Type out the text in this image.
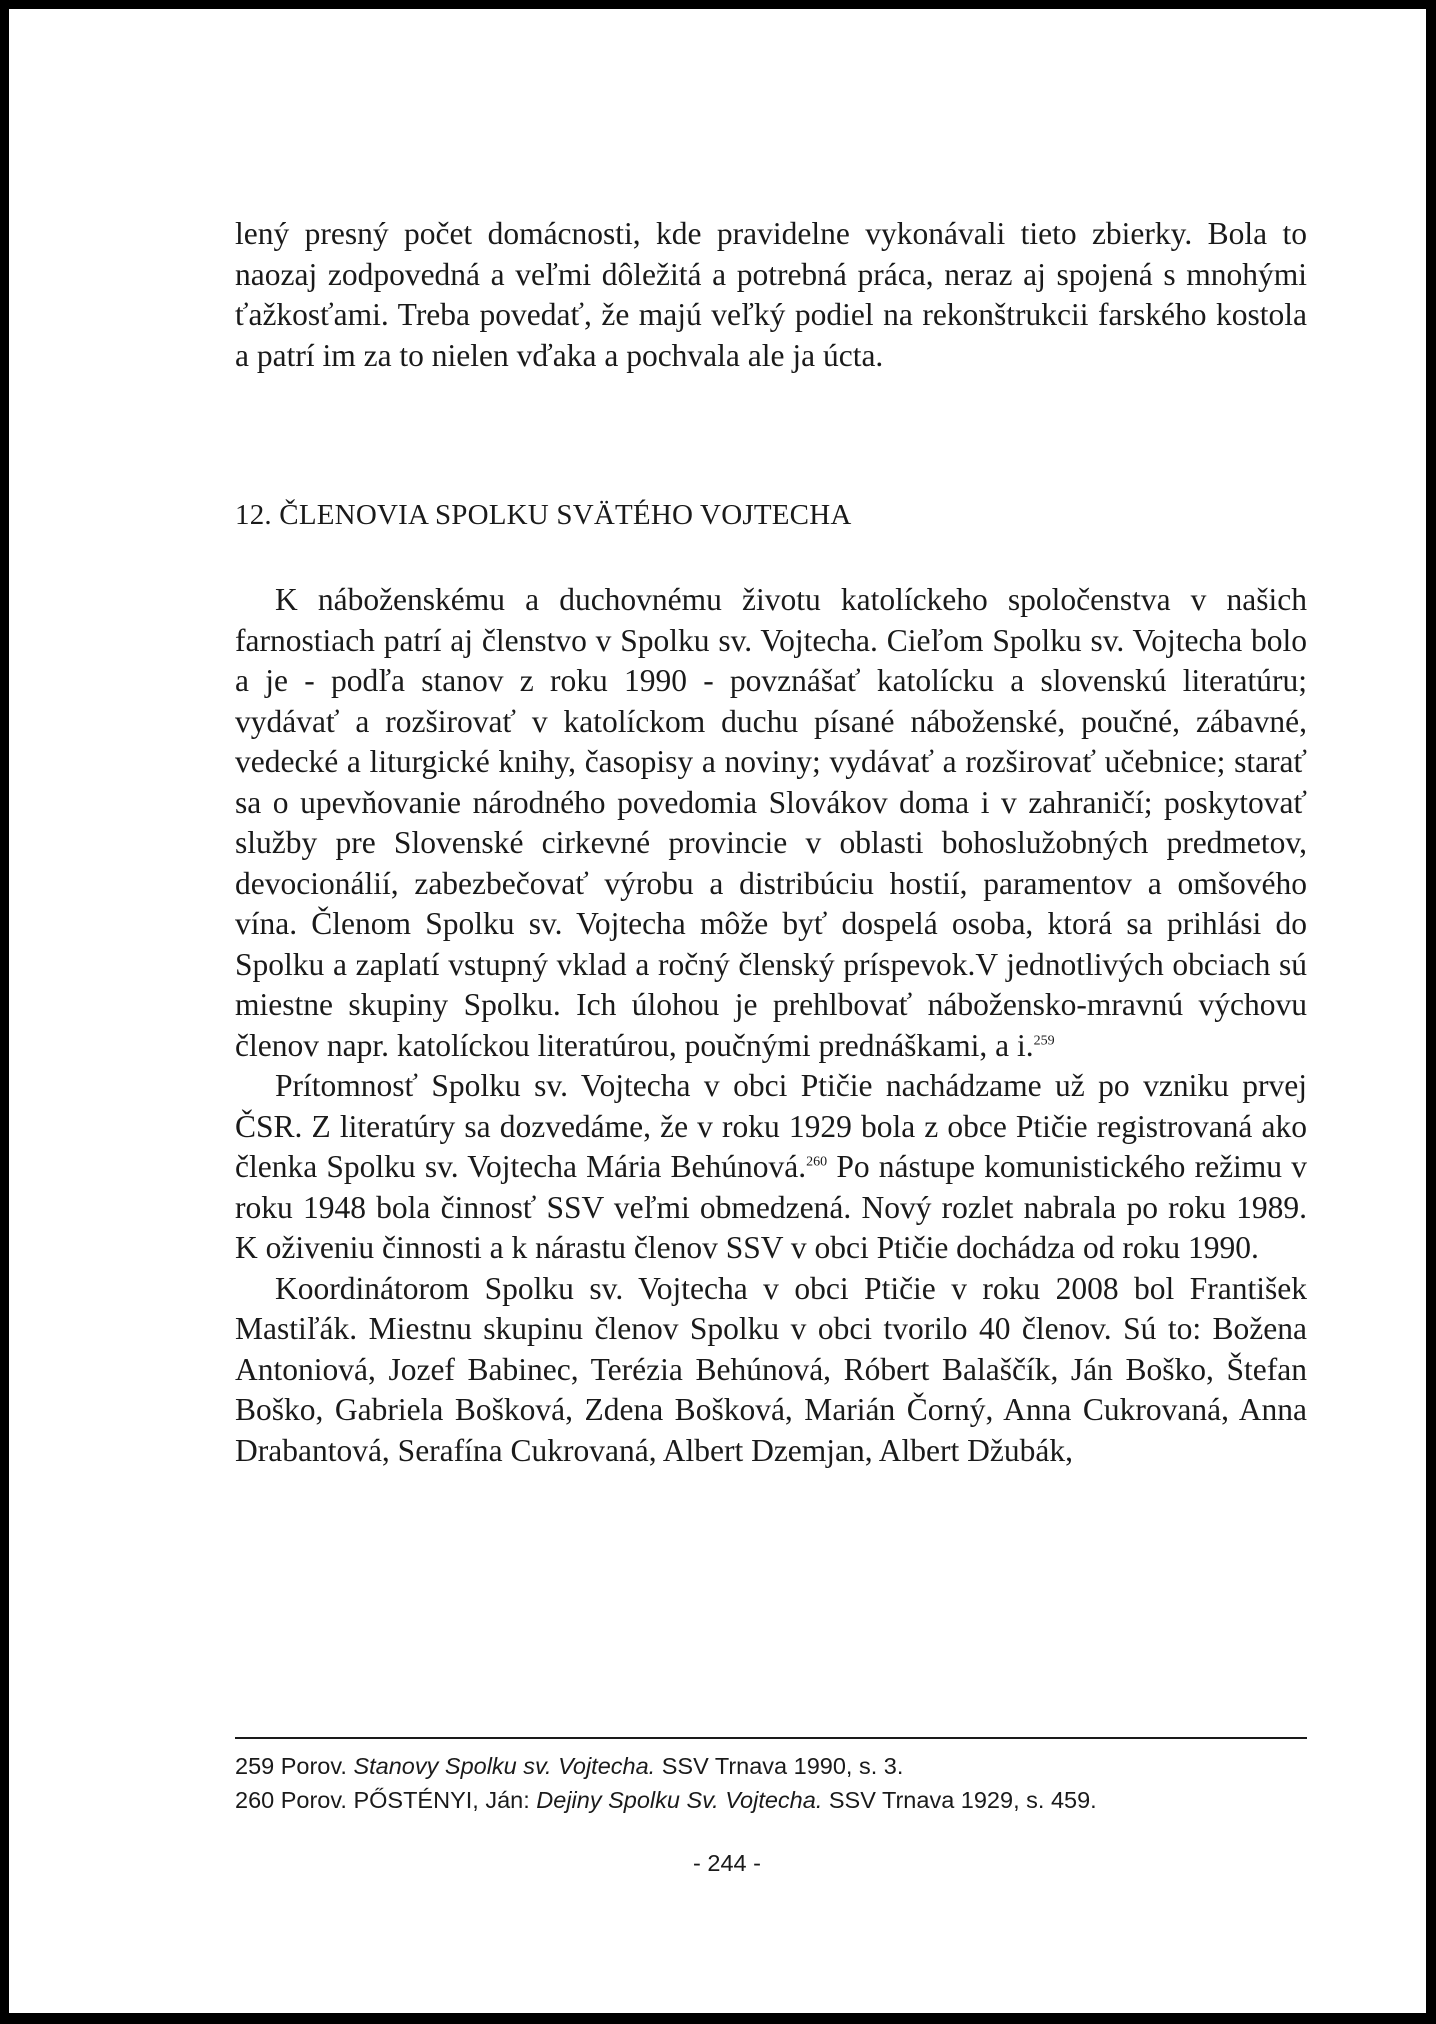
lený presný počet domácnosti, kde pravidelne vykonávali tieto zbierky. Bola to naozaj zodpovedná a veľmi dôležitá a potrebná práca, neraz aj spojená s mnohými ťažkosťami. Treba povedať, že majú veľký podiel na rekonštrukcii farského kostola a patrí im za to nielen vďaka a pochvala ale ja úcta.

12. ČLENOVIA SPOLKU SVÄTÉHO VOJTECHA

K náboženskému a duchovnému životu katolíckeho spoločenstva v našich farnostiach patrí aj členstvo v Spolku sv. Vojtecha. Cieľom Spolku sv. Vojtecha bolo a je - podľa stanov z roku 1990 - povznášať katolícku a slovenskú literatúru; vydávať a rozširovať v katolíckom duchu písané náboženské, poučné, zábavné, vedecké a liturgické knihy, časopisy a noviny; vydávať a rozširovať učebnice; starať sa o upevňovanie národného povedomia Slovákov doma i v zahraničí; poskytovať služby pre Slovenské cirkevné provincie v oblasti bohoslužobných predmetov, devocionálií, zabezbečovať výrobu a distribúciu hostií, paramentov a omšového vína. Členom Spolku sv. Vojtecha môže byť dospelá osoba, ktorá sa prihlási do Spolku a zaplatí vstupný vklad a ročný členský príspevok.V jednotlivých obciach sú miestne skupiny Spolku. Ich úlohou je prehlbovať nábožensko-mravnú výchovu členov napr. katolíckou literatúrou, poučnými prednáškami, a i.$^{259}$

Prítomnosť Spolku sv. Vojtecha v obci Ptičie nachádzame už po vzniku prvej ČSR. Z literatúry sa dozvedáme, že v roku 1929 bola z obce Ptičie registrovaná ako členka Spolku sv. Vojtecha Mária Behúnová.$^{260}$ Po nástupe komunistického režimu v roku 1948 bola činnosť SSV veľmi obmedzená. Nový rozlet nabrala po roku 1989. K oživeniu činnosti a k nárastu členov SSV v obci Ptičie dochádza od roku 1990.

Koordinátorom Spolku sv. Vojtecha v obci Ptičie v roku 2008 bol František Mastiľák. Miestnu skupinu členov Spolku v obci tvorilo 40 členov. Sú to: Božena Antoniová, Jozef Babinec, Terézia Behúnová, Róbert Balaščík, Ján Boško, Štefan Boško, Gabriela Bošková, Zdena Bošková, Marián Čorný, Anna Cukrovaná, Anna Drabantová, Serafína Cukrovaná, Albert Dzemjan, Albert Džubák,

259 Porov. Stanovy Spolku sv. Vojtecha. SSV Trnava 1990, s. 3.

260 Porov. PŐSTÉNYI, Ján: Dejiny Spolku Sv. Vojtecha. SSV Trnava 1929, s. 459.

- 244 -
